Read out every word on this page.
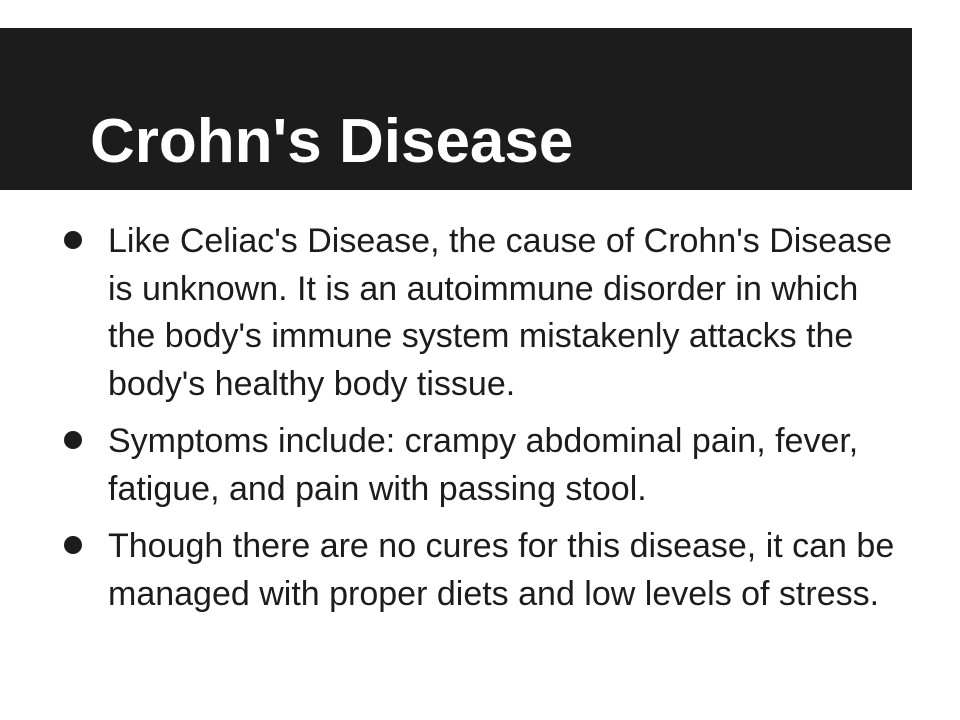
Crohn's Disease
Like Celiac's Disease, the cause of Crohn's Disease is unknown. It is an autoimmune disorder in which the body's immune system mistakenly attacks the body's healthy body tissue.
Symptoms include: crampy abdominal pain, fever, fatigue, and pain with passing stool.
Though there are no cures for this disease, it can be managed with proper diets and low levels of stress.
